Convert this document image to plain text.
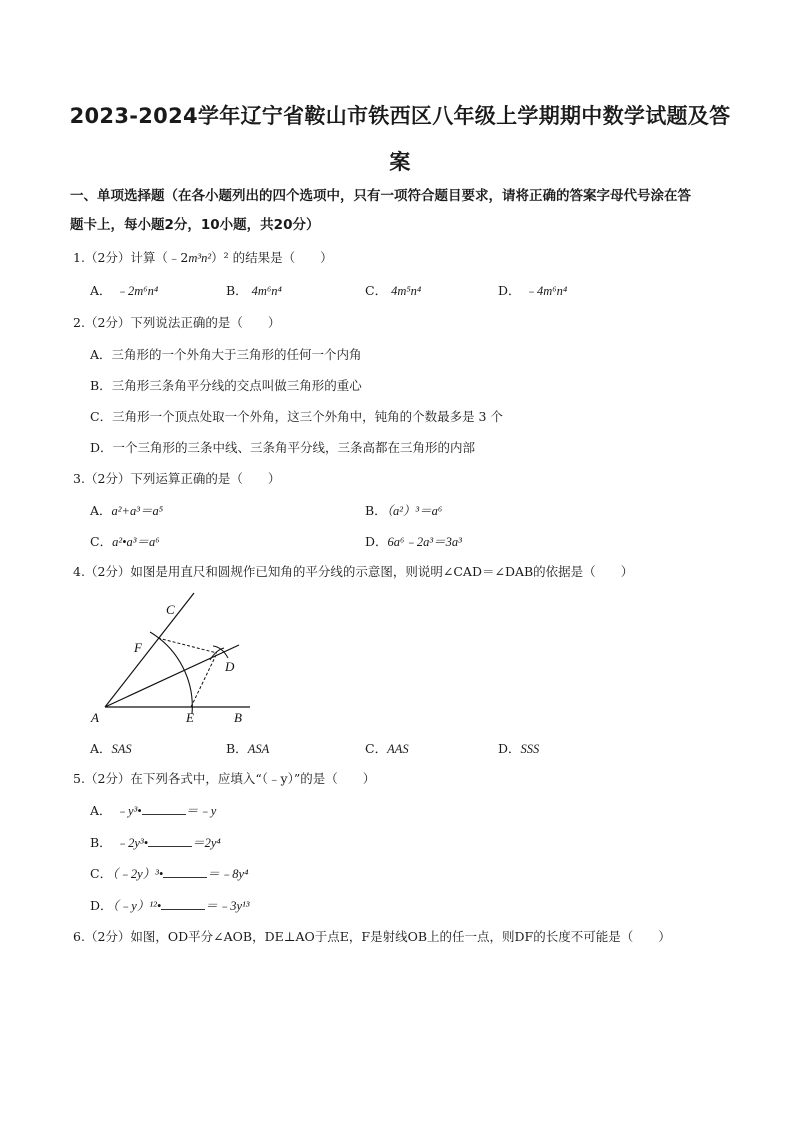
2023-2024学年辽宁省鞍山市铁西区八年级上学期期中数学试题及答
案
一、单项选择题（在各小题列出的四个选项中，只有一项符合题目要求，请将正确的答案字母代号涂在答
题卡上，每小题2分，10小题，共20分）
1.（2分）计算（﹣2m³n²）² 的结果是（　　）
A． ﹣2m⁶n⁴	B． 4m⁶n⁴	C． 4m⁵n⁴	D． ﹣4m⁶n⁴
2.（2分）下列说法正确的是（　　）
A．三角形的一个外角大于三角形的任何一个内角
B．三角形三条角平分线的交点叫做三角形的重心
C．三角形一个顶点处取一个外角，这三个外角中，钝角的个数最多是 3 个
D．一个三角形的三条中线、三条角平分线，三条高都在三角形的内部
3.（2分）下列运算正确的是（　　）
A．a²+a³＝a⁵	B．（a²）³＝a⁶
C．a²•a³＝a⁶	D．6a⁶﹣2a³＝3a³
4.（2分）如图是用直尺和圆规作已知角的平分线的示意图，则说明∠CAD＝∠DAB的依据是（　　）
C
F
D
A	E	B
A．SAS	B．ASA	C．AAS	D．SSS
5.（2分）在下列各式中，应填入“（﹣y）”的是（　　）
A． ﹣y³•	＝﹣y
B． ﹣2y³•	＝2y⁴
C．（﹣2y）³•	＝﹣8y⁴
D．（﹣y）¹²•	＝﹣3y¹³
6.（2分）如图，OD平分∠AOB，DE⊥AO于点E，F是射线OB上的任一点，则DF的长度不可能是（　　）
